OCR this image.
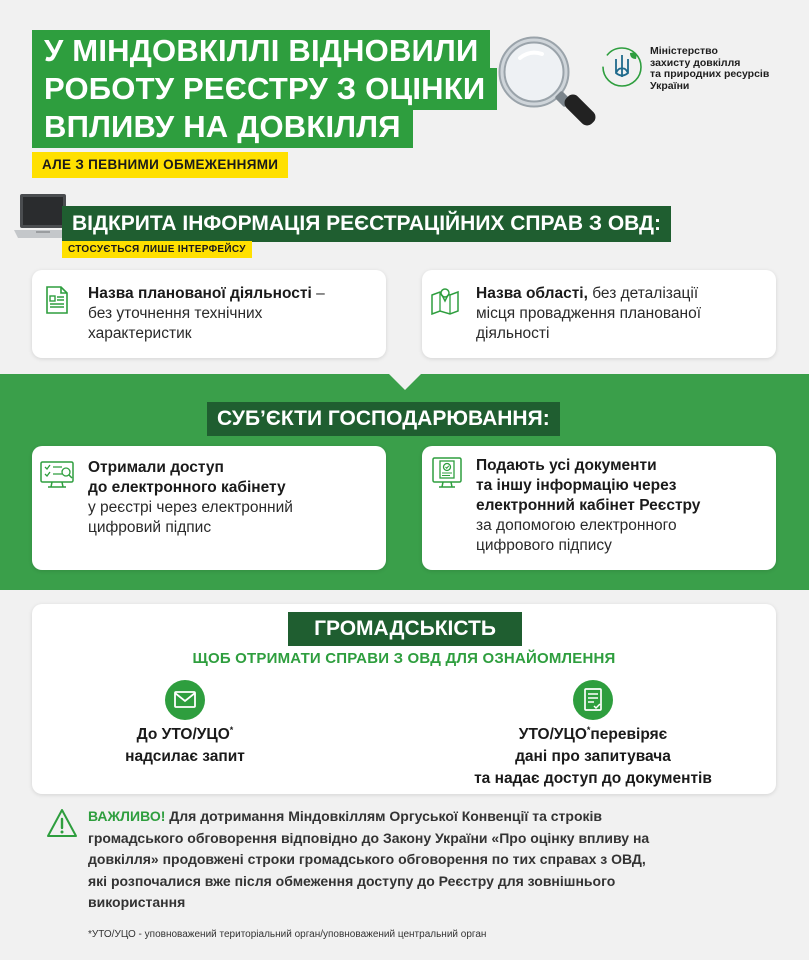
У МІНДОВКІЛЛІ ВІДНОВИЛИ
РОБОТУ РЕЄСТРУ З ОЦІНКИ
ВПЛИВУ НА ДОВКІЛЛЯ
АЛЕ З ПЕВНИМИ ОБМЕЖЕННЯМИ
Міністерство
захисту довкілля
та природних ресурсів
України
ВІДКРИТА ІНФОРМАЦІЯ РЕЄСТРАЦІЙНИХ СПРАВ З ОВД:
СТОСУЄТЬСЯ ЛИШЕ ІНТЕРФЕЙСУ
Назва планованої діяльності –
без уточнення технічних
характеристик
Назва області, без деталізації
місця провадження планованої
діяльності
СУБ’ЄКТИ ГОСПОДАРЮВАННЯ:
Отримали доступ
до електронного кабінету
у реєстрі через електронний
цифровий підпис
Подають усі документи
та іншу інформацію через
електронний кабінет Реєстру
за допомогою електронного
цифрового підпису
ГРОМАДСЬКІСТЬ
ЩОБ ОТРИМАТИ СПРАВИ З ОВД ДЛЯ ОЗНАЙОМЛЕННЯ
До УТО/УЦО*
надсилає запит
УТО/УЦО*перевіряє
дані про запитувача
та надає доступ до документів
ВАЖЛИВО! Для дотримання Міндовкіллям Оргуської Конвенції та строків
громадського обговорення відповідно до Закону України «Про оцінку впливу на
довкілля» продовжені строки громадського обговорення по тих справах з ОВД,
які розпочалися вже після обмеження доступу до Реєстру для зовнішнього
використання
*УТО/УЦО - уповноважений територіальний орган/уповноважений центральний орган
